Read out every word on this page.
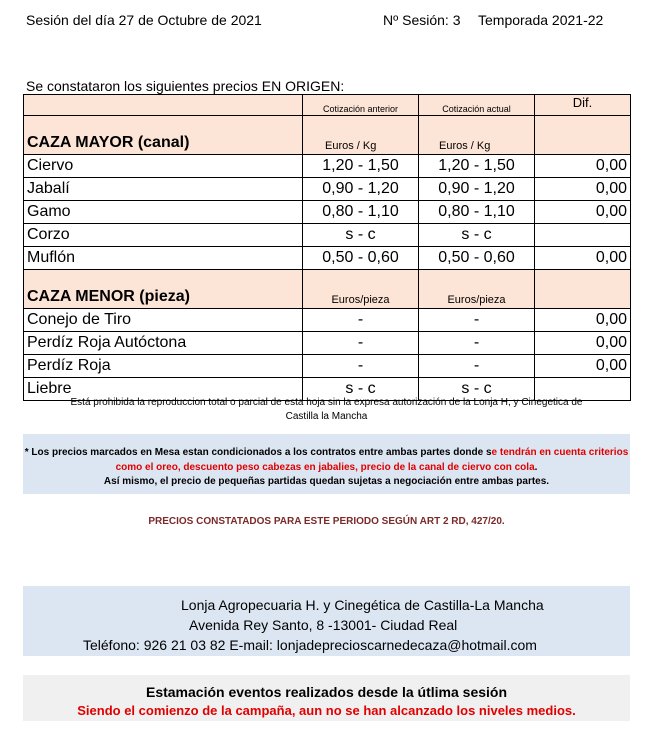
Sesión del día 27 de Octubre de 2021	Nº Sesión: 3 Temporada 2021-22
Se constataron los siguientes precios EN ORIGEN:
	Cotización anterior	Cotización actual	Dif.
CAZA MAYOR (canal)	Euros / Kg	Euros / Kg	
Ciervo	1,20 - 1,50	1,20 - 1,50	0,00
Jabalí	0,90 - 1,20	0,90 - 1,20	0,00
Gamo	0,80 - 1,10	0,80 - 1,10	0,00
Corzo	s - c	s - c	
Muflón	0,50 - 0,60	0,50 - 0,60	0,00
CAZA MENOR (pieza)	Euros/pieza	Euros/pieza	
Conejo de Tiro	-	-	0,00
Perdíz Roja Autóctona	-	-	0,00
Perdíz Roja	-	-	0,00
Liebre	s - c	s - c	
Está prohibida la reproduccion total o parcial de esta hoja sin la expresa autorización de la Lonja H, y Cinegetica de
Castilla la Mancha
* Los precios marcados en Mesa estan condicionados a los contratos entre ambas partes donde se tendrán en cuenta criterios como el oreo, descuento peso cabezas en jabalies, precio de la canal de ciervo con cola.
Así mismo, el precio de pequeñas partidas quedan sujetas a negociación entre ambas partes.
PRECIOS CONSTATADOS PARA ESTE PERIODO SEGÚN ART 2 RD, 427/20.
Lonja Agropecuaria H. y Cinegética de Castilla-La Mancha
Avenida Rey Santo, 8 -13001- Ciudad Real
Teléfono: 926 21 03 82 E-mail: lonjadeprecioscarnedecaza@hotmail.com
Estamación eventos realizados desde la útlima sesión
Siendo el comienzo de la campaña, aun no se han alcanzado los niveles medios.
